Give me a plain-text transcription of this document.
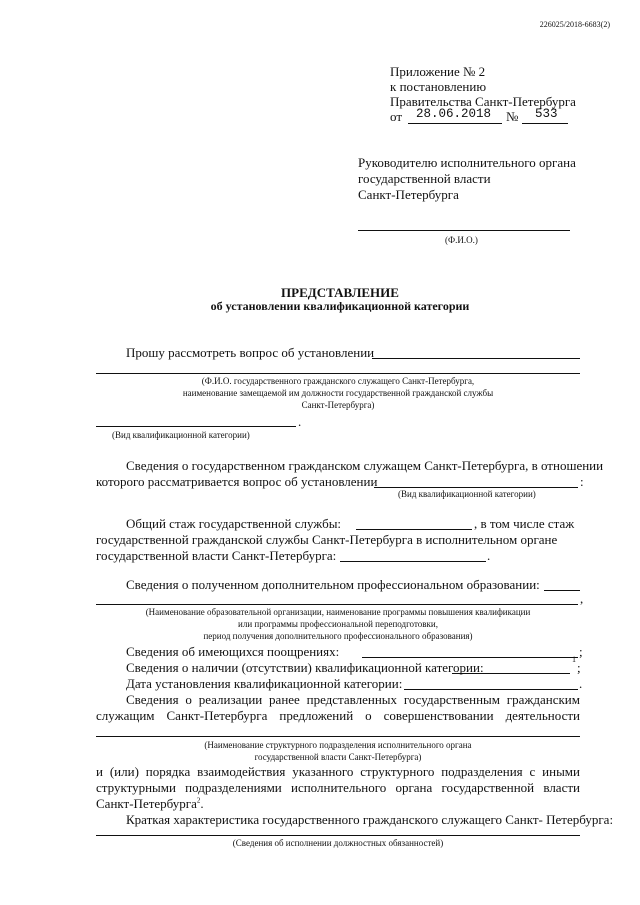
226025/2018-6683(2)
Приложение № 2
к постановлению
Правительства Санкт-Петербурга
от 28.06.2018 № 533
Руководителю исполнительного органа
государственной власти
Санкт-Петербурга
(Ф.И.О.)
ПРЕДСТАВЛЕНИЕ
об установлении квалификационной категории
Прошу рассмотреть вопрос об установлении
(Ф.И.О. государственного гражданского служащего Санкт-Петербурга,
наименование замещаемой им должности государственной гражданской службы
Санкт-Петербурга)
.
(Вид квалификационной категории)
Сведения о государственном гражданском служащем Санкт-Петербурга, в отношении
которого рассматривается вопрос об установлении	:
(Вид квалификационной категории)
Общий стаж государственной службы:	, в том числе стаж
государственной гражданской службы Санкт-Петербурга в исполнительном органе
государственной власти Санкт-Петербурга:	.
Сведения о полученном дополнительном профессиональном образовании:
,
(Наименование образовательной организации, наименование программы повышения квалификации
или программы профессиональной переподготовки,
период получения дополнительного профессионального образования)
Сведения об имеющихся поощрениях:	;
Сведения о наличии (отсутствии) квалификационной категории:
1
;
Дата установления квалификационной категории:	.
Сведения о реализации ранее представленных государственным гражданским
служащим Санкт-Петербурга предложений о совершенствовании деятельности
(Наименование структурного подразделения исполнительного органа
государственной власти Санкт-Петербурга)
и (или) порядка взаимодействия указанного структурного подразделения с иными
структурными подразделениями исполнительного органа государственной власти
Санкт-Петербурга$^2$.
Краткая характеристика государственного гражданского служащего Санкт- Петербурга:
(Сведения об исполнении должностных обязанностей)
